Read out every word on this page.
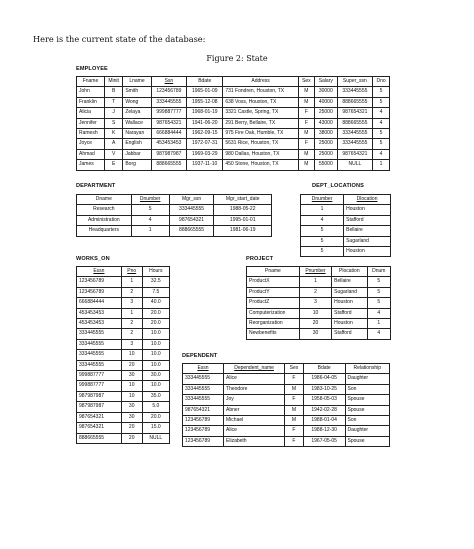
Here is the current state of the database:
Figure 2: State
EMPLOYEE
Fname	Minit	Lname	Ssn	Bdate	Address	Sex	Salary	Super_ssn	Dno
John	B	Smith	123456789	1965-01-09	731 Fondren, Houston, TX	M	30000	333445555	5
Franklin	T	Wong	333445555	1955-12-08	638 Voss, Houston, TX	M	40000	888665555	5
Alicia	J	Zelaya	999887777	1968-01-19	3321 Castle, Spring, TX	F	25000	987654321	4
Jennifer	S	Wallace	987654321	1941-06-20	291 Berry, Bellaire, TX	F	43000	888665555	4
Ramesh	K	Narayan	666884444	1962-09-15	975 Fire Oak, Humble, TX	M	38000	333445555	5
Joyce	A	English	453453453	1972-07-31	5631 Rice, Houston, TX	F	25000	333445555	5
Ahmad	V	Jabbar	987987987	1969-03-29	980 Dallas, Houston, TX	M	25000	987654321	4
James	E	Borg	888665555	1937-11-10	450 Stone, Houston, TX	M	55000	NULL	1
DEPARTMENT
Dname	Dnumber	Mgr_ssn	Mgr_start_date
Research	5	333445555	1988-05-22
Administration	4	987654321	1995-01-01
Headquarters	1	888665555	1981-06-19
DEPT_LOCATIONS
Dnumber	Dlocation
1	Houston
4	Stafford
5	Bellaire
5	Sugarland
5	Houston
WORKS_ON
Essn	Pno	Hours
123456789	1	32.5
123456789	2	7.5
666884444	3	40.0
453453453	1	20.0
453453453	2	20.0
333445555	2	10.0
333445555	3	10.0
333445555	10	10.0
333445555	20	10.0
999887777	30	30.0
999887777	10	10.0
987987987	10	35.0
987987987	30	5.0
987654321	30	20.0
987654321	20	15.0
888665555	20	NULL
PROJECT
Pname	Pnumber	Plocation	Dnum
ProductX	1	Bellaire	5
ProductY	2	Sugarland	5
ProductZ	3	Houston	5
Computerization	10	Stafford	4
Reorganization	20	Houston	1
Newbenefits	30	Stafford	4
DEPENDENT
Essn	Dependent_name	Sex	Bdate	Relationship
333445555	Alice	F	1986-04-05	Daughter
333445555	Theodore	M	1983-10-25	Son
333445555	Joy	F	1958-05-03	Spouse
987654321	Abner	M	1942-02-28	Spouse
123456789	Michael	M	1988-01-04	Son
123456789	Alice	F	1988-12-30	Daughter
123456789	Elizabeth	F	1967-05-05	Spouse
